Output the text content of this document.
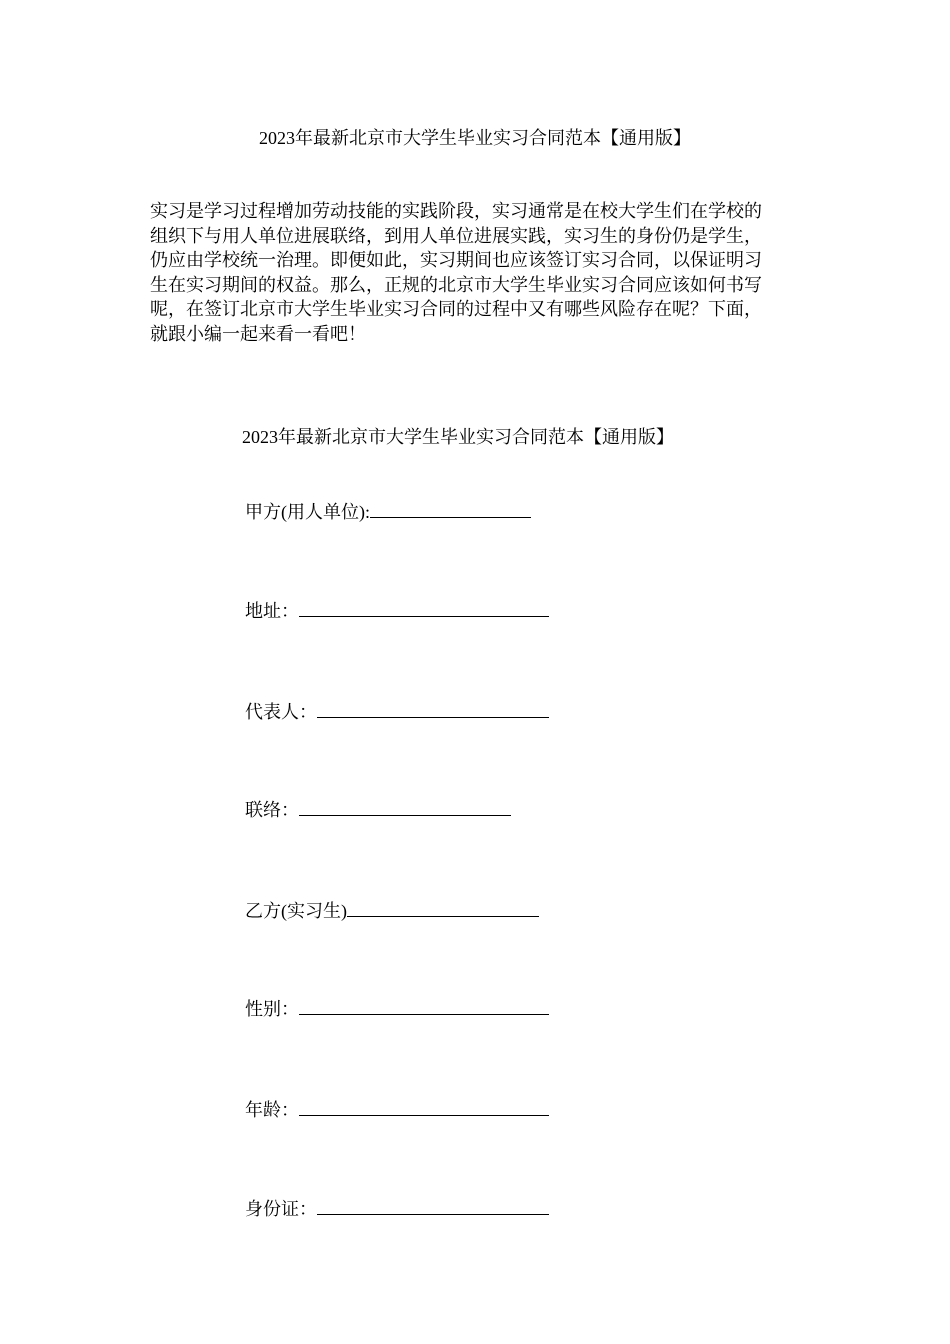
2023年最新北京市大学生毕业实习合同范本【通用版】

实习是学习过程增加劳动技能的实践阶段，实习通常是在校大学生们在学校的
组织下与用人单位进展联络，到用人单位进展实践，实习生的身份仍是学生，
仍应由学校统一治理。即便如此，实习期间也应该签订实习合同，以保证明习
生在实习期间的权益。那么，正规的北京市大学生毕业实习合同应该如何书写
呢，在签订北京市大学生毕业实习合同的过程中又有哪些风险存在呢？下面，
就跟小编一起来看一看吧！

2023年最新北京市大学生毕业实习合同范本【通用版】
甲方(用人单位):
地址：
代表人：
联络：
乙方(实习生)
性别：
年龄：
身份证：
